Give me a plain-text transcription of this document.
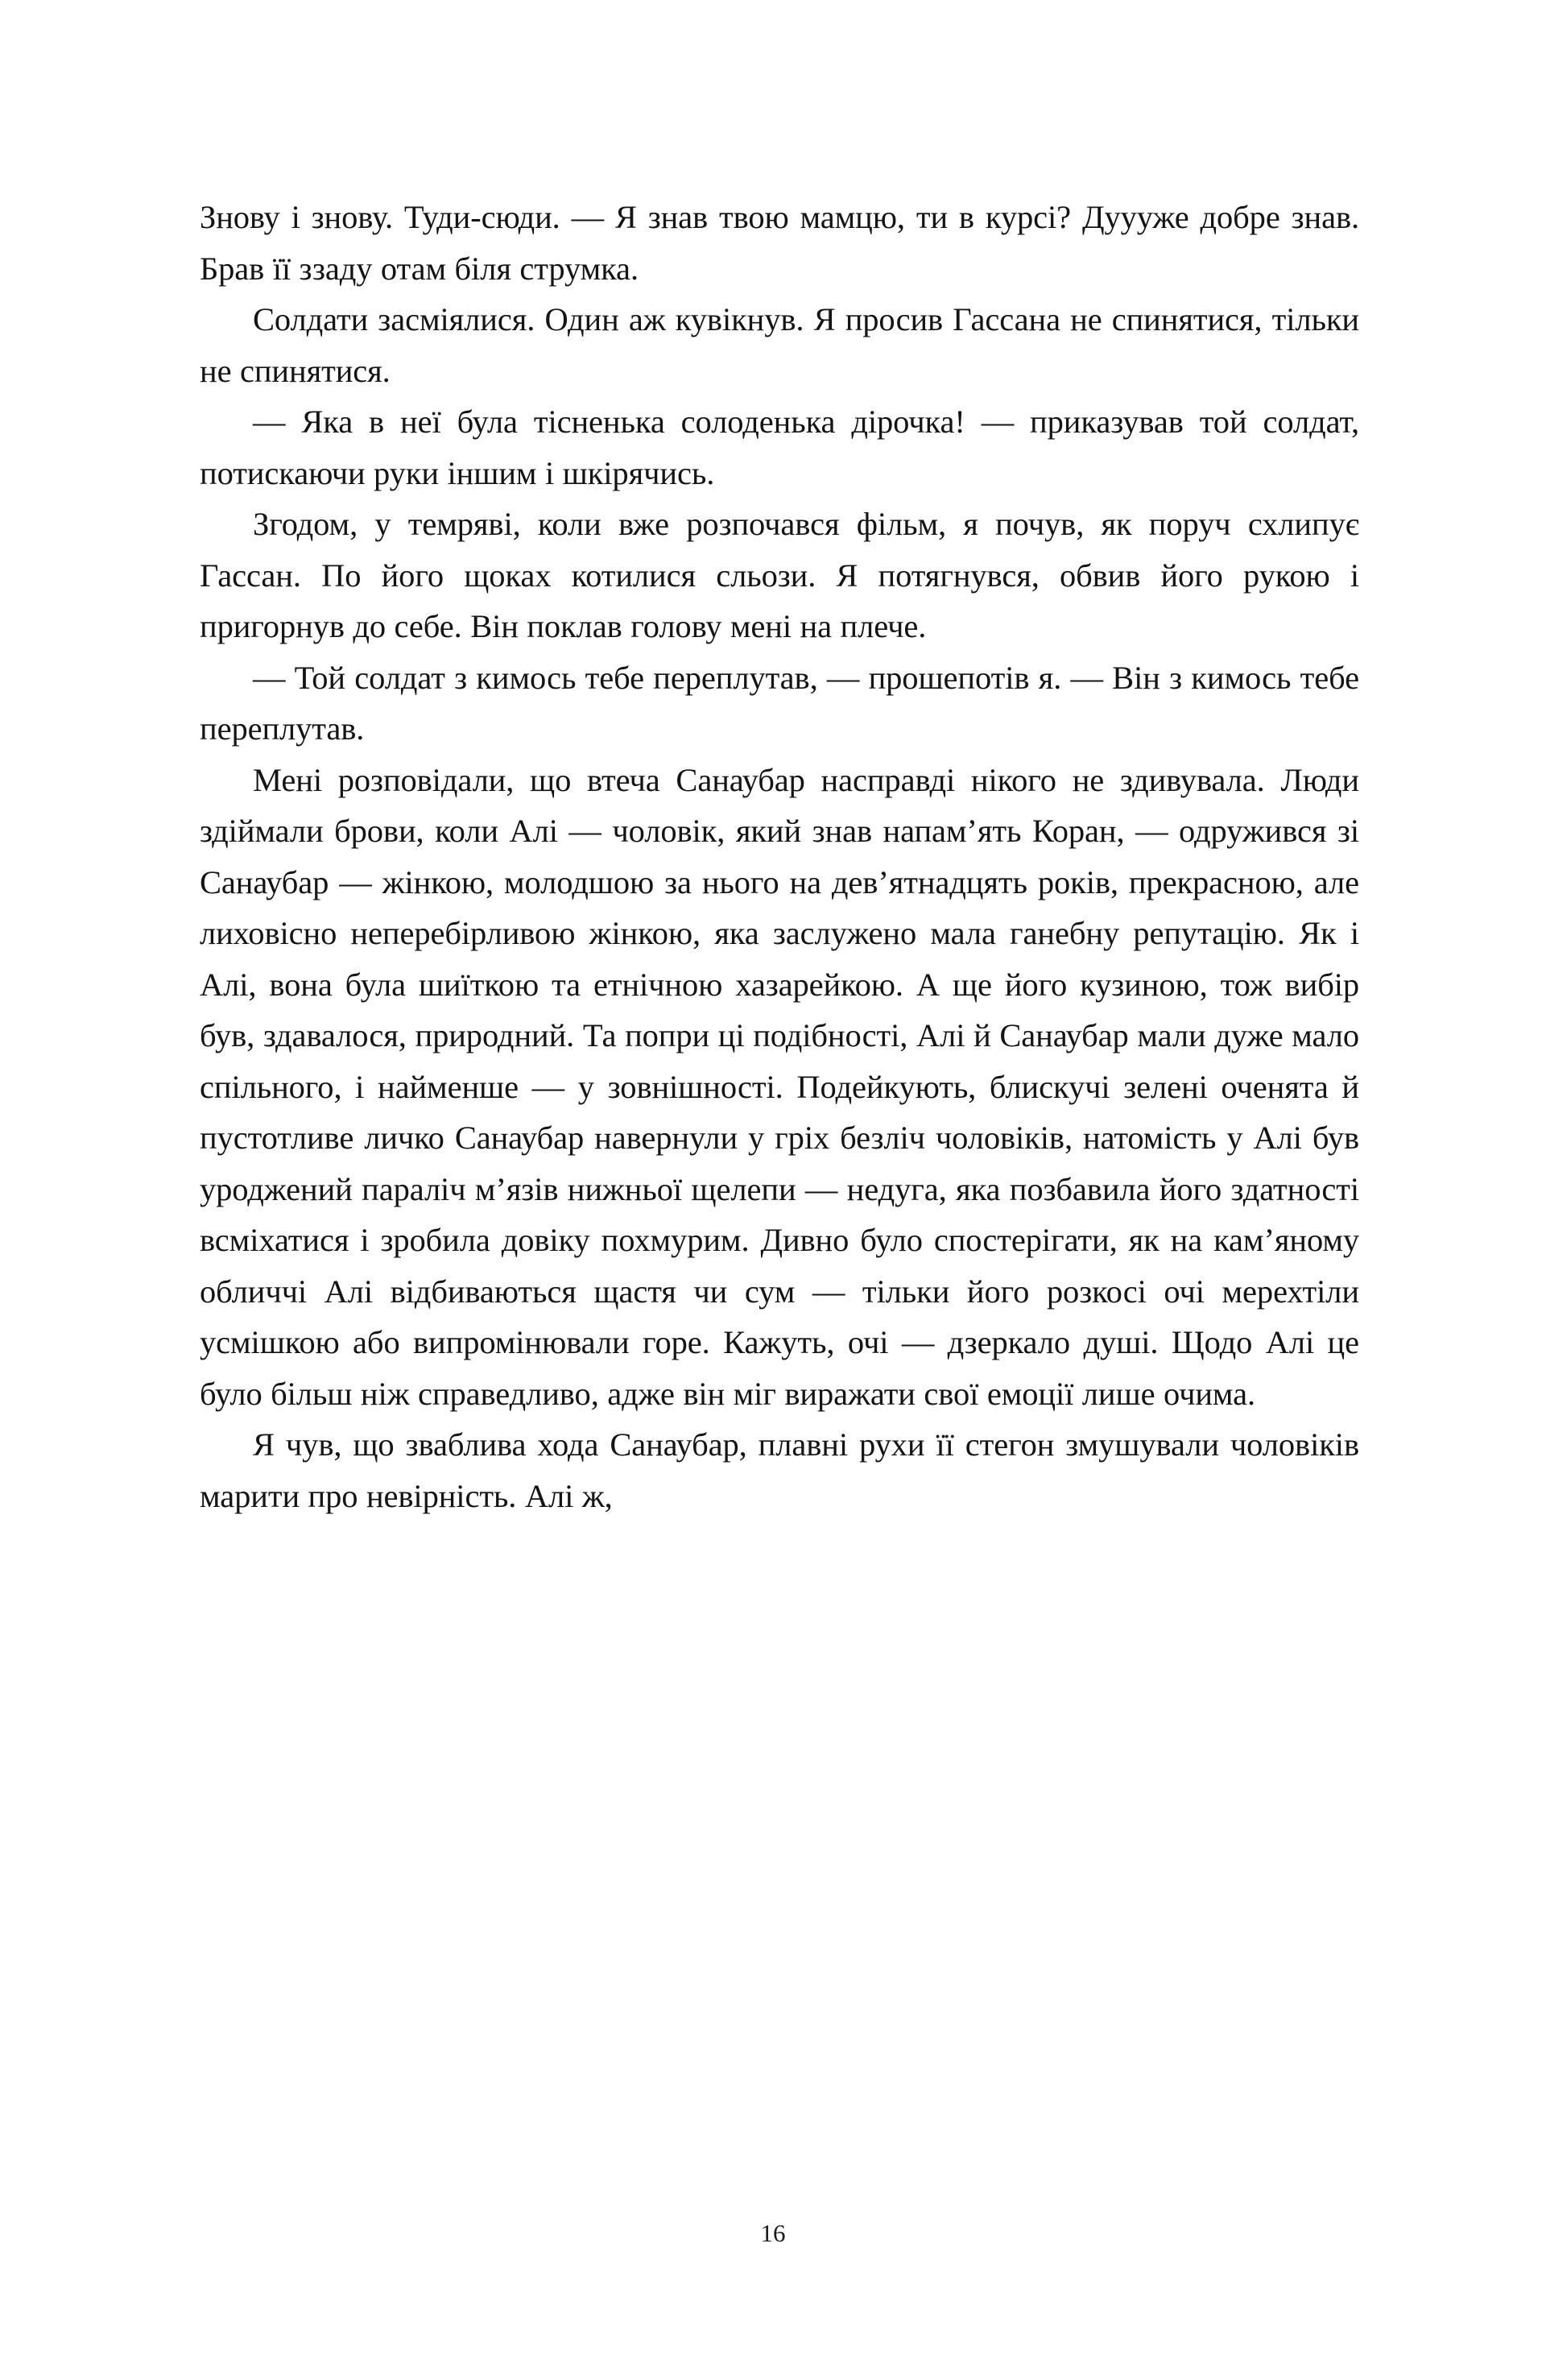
Знову і знову. Туди-сюди. — Я знав твою мамцю, ти в курсі? Дуууже добре знав. Брав її ззаду отам біля струмка.

Солдати засміялися. Один аж кувікнув. Я просив Гассана не спинятися, тільки не спинятися.

— Яка в неї була тісненька солоденька дірочка! — приказував той солдат, потискаючи руки іншим і шкірячись.

Згодом, у темряві, коли вже розпочався фільм, я почув, як поруч схлипує Гассан. По його щоках котилися сльози. Я потягнувся, обвив його рукою і пригорнув до себе. Він поклав голову мені на плече.

— Той солдат з кимось тебе переплутав, — прошепотів я. — Він з кимось тебе переплутав.

Мені розповідали, що втеча Санаубар насправді нікого не здивувала. Люди здіймали брови, коли Алі — чоловік, який знав напам’ять Коран, — одружився зі Санаубар — жінкою, молодшою за нього на дев’ятнадцять років, прекрасною, але лиховісно неперебірливою жінкою, яка заслужено мала ганебну репутацію. Як і Алі, вона була шиїткою та етнічною хазарейкою. А ще його кузиною, тож вибір був, здавалося, природний. Та попри ці подібності, Алі й Санаубар мали дуже мало спільного, і найменше — у зовнішності. Подейкують, блискучі зелені оченята й пустотливе личко Санаубар навернули у гріх безліч чоловіків, натомість у Алі був уроджений параліч м’язів нижньої щелепи — недуга, яка позбавила його здатності всміхатися і зробила довіку похмурим. Дивно було спостерігати, як на кам’яному обличчі Алі відбиваються щастя чи сум — тільки його розкосі очі мерехтіли усмішкою або випромінювали горе. Кажуть, очі — дзеркало душі. Щодо Алі це було більш ніж справедливо, адже він міг виражати свої емоції лише очима.

Я чув, що зваблива хода Санаубар, плавні рухи її стегон змушували чоловіків марити про невірність. Алі ж,

16
